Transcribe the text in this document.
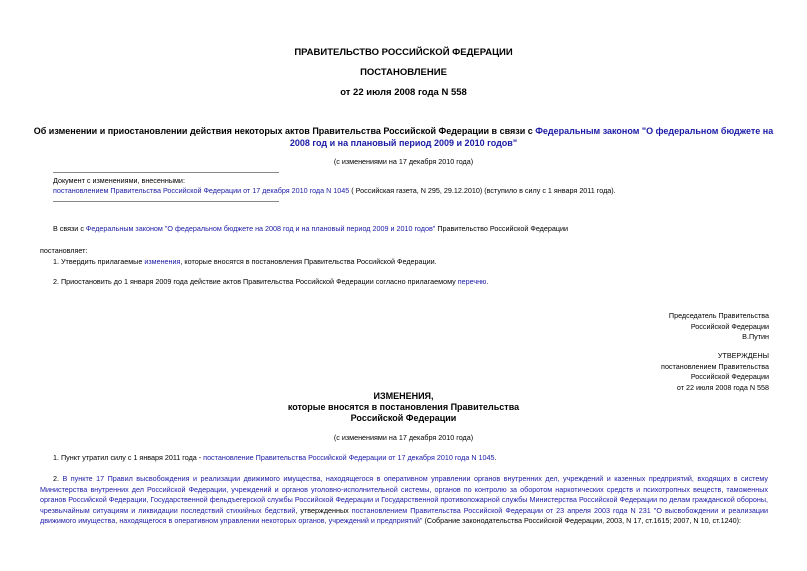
ПРАВИТЕЛЬСТВО РОССИЙСКОЙ ФЕДЕРАЦИИ
ПОСТАНОВЛЕНИЕ
от 22 июля 2008 года N 558
Об изменении и приостановлении действия некоторых актов Правительства Российской Федерации в связи с Федеральным законом "О федеральном бюджете на 2008 год и на плановый период 2009 и 2010 годов"
(с изменениями на 17 декабря 2010 года)
Документ с изменениями, внесенными:
постановлением Правительства Российской Федерации от 17 декабря 2010 года N 1045 ( Российская газета, N 295, 29.12.2010) (вступило в силу с 1 января 2011 года).
В связи с Федеральным законом "О федеральном бюджете на 2008 год и на плановый период 2009 и 2010 годов" Правительство Российской Федерации
постановляет:
1. Утвердить прилагаемые изменения, которые вносятся в постановления Правительства Российской Федерации.
2. Приостановить до 1 января 2009 года действие актов Правительства Российской Федерации согласно прилагаемому перечню.
Председатель Правительства
Российской Федерации
В.Путин
УТВЕРЖДЕНЫ
постановлением Правительства
Российской Федерации
от 22 июля 2008 года N 558
ИЗМЕНЕНИЯ,
которые вносятся в постановления Правительства
Российской Федерации
(с изменениями на 17 декабря 2010 года)
1. Пункт утратил силу с 1 января 2011 года - постановление Правительства Российской Федерации от 17 декабря 2010 года N 1045.
2. В пункте 17 Правил высвобождения и реализации движимого имущества, находящегося в оперативном управлении органов внутренних дел, учреждений и казенных предприятий, входящих в систему Министерства внутренних дел Российской Федерации, учреждений и органов уголовно-исполнительной системы, органов по контролю за оборотом наркотических средств и психотропных веществ, таможенных органов Российской Федерации, Государственной фельдъегерской службы Российской Федерации и Государственной противопожарной службы Министерства Российской Федерации по делам гражданской обороны, чрезвычайным ситуациям и ликвидации последствий стихийных бедствий, утвержденных постановлением Правительства Российской Федерации от 23 апреля 2003 года N 231 "О высвобождении и реализации движимого имущества, находящегося в оперативном управлении некоторых органов, учреждений и предприятий" (Собрание законодательства Российской Федерации, 2003, N 17, ст.1615; 2007, N 10, ст.1240):
